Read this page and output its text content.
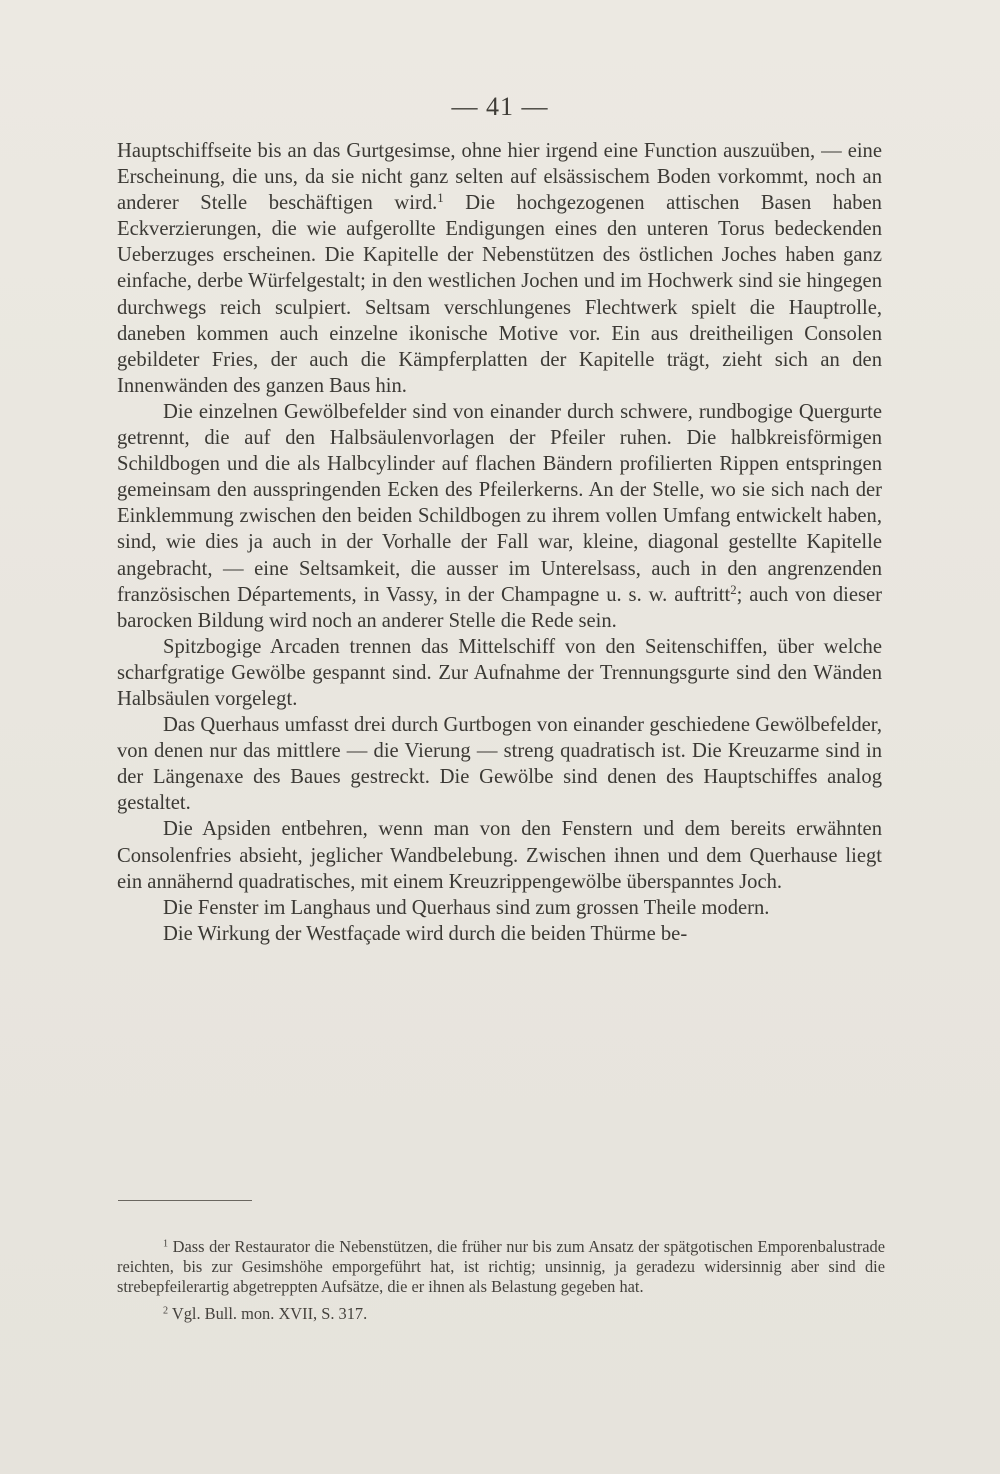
— 41 —

Hauptschiffseite bis an das Gurtgesimse, ohne hier irgend eine Function auszuüben, — eine Erscheinung, die uns, da sie nicht ganz selten auf elsässischem Boden vorkommt, noch an anderer Stelle beschäftigen wird.$^1$ Die hochgezogenen attischen Basen haben Eckverzierungen, die wie aufgerollte Endigungen eines den unteren Torus bedeckenden Ueberzuges erscheinen. Die Kapitelle der Nebenstützen des östlichen Joches haben ganz einfache, derbe Würfelgestalt; in den westlichen Jochen und im Hochwerk sind sie hingegen durchwegs reich sculpiert. Seltsam verschlungenes Flechtwerk spielt die Hauptrolle, daneben kommen auch einzelne ikonische Motive vor. Ein aus dreitheiligen Consolen gebildeter Fries, der auch die Kämpferplatten der Kapitelle trägt, zieht sich an den Innenwänden des ganzen Baus hin.

Die einzelnen Gewölbefelder sind von einander durch schwere, rundbogige Quergurte getrennt, die auf den Halbsäulenvorlagen der Pfeiler ruhen. Die halbkreisförmigen Schildbogen und die als Halbcylinder auf flachen Bändern profilierten Rippen entspringen gemeinsam den ausspringenden Ecken des Pfeilerkerns. An der Stelle, wo sie sich nach der Einklemmung zwischen den beiden Schildbogen zu ihrem vollen Umfang entwickelt haben, sind, wie dies ja auch in der Vorhalle der Fall war, kleine, diagonal gestellte Kapitelle angebracht, — eine Seltsamkeit, die ausser im Unterelsass, auch in den angrenzenden französischen Départements, in Vassy, in der Champagne u. s. w. auftritt$^2$; auch von dieser barocken Bildung wird noch an anderer Stelle die Rede sein.

Spitzbogige Arcaden trennen das Mittelschiff von den Seitenschiffen, über welche scharfgratige Gewölbe gespannt sind. Zur Aufnahme der Trennungsgurte sind den Wänden Halbsäulen vorgelegt.

Das Querhaus umfasst drei durch Gurtbogen von einander geschiedene Gewölbefelder, von denen nur das mittlere — die Vierung — streng quadratisch ist. Die Kreuzarme sind in der Längenaxe des Baues gestreckt. Die Gewölbe sind denen des Hauptschiffes analog gestaltet.

Die Apsiden entbehren, wenn man von den Fenstern und dem bereits erwähnten Consolenfries absieht, jeglicher Wandbelebung. Zwischen ihnen und dem Querhause liegt ein annähernd quadratisches, mit einem Kreuzrippengewölbe überspanntes Joch.

Die Fenster im Langhaus und Querhaus sind zum grossen Theile modern.

Die Wirkung der Westfaçade wird durch die beiden Thürme be-

$^1$ Dass der Restaurator die Nebenstützen, die früher nur bis zum Ansatz der spätgotischen Emporenbalustrade reichten, bis zur Gesimshöhe emporgeführt hat, ist richtig; unsinnig, ja geradezu widersinnig aber sind die strebepfeilerartig abgetreppten Aufsätze, die er ihnen als Belastung gegeben hat.

$^2$ Vgl. Bull. mon. XVII, S. 317.
